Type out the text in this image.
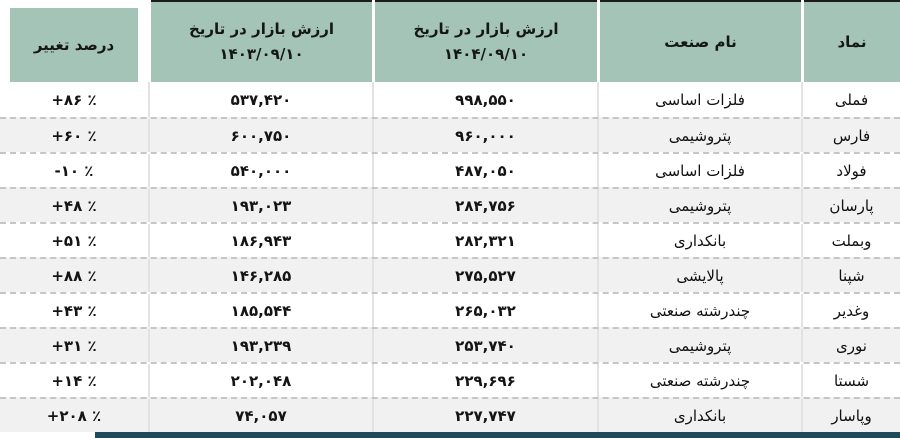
نماد
نام صنعت
ارزش بازار در تاریخ
۱۴۰۴/۰۹/۱۰
ارزش بازار در تاریخ
۱۴۰۳/۰۹/۱۰
درصد تغییر
فملی
فلزات اساسی
۹۹۸,۵۵۰
۵۳۷,۴۲۰
+۸۶ ٪
فارس
پتروشیمی
۹۶۰,۰۰۰
۶۰۰,۷۵۰
+۶۰ ٪
فولاد
فلزات اساسی
۴۸۷,۰۵۰
۵۴۰,۰۰۰
-۱۰ ٪
پارسان
پتروشیمی
۲۸۴,۷۵۶
۱۹۳,۰۲۳
+۴۸ ٪
وبملت
بانکداری
۲۸۲,۳۲۱
۱۸۶,۹۴۳
+۵۱ ٪
شپنا
پالایشی
۲۷۵,۵۲۷
۱۴۶,۲۸۵
+۸۸ ٪
وغدیر
چندرشته صنعتی
۲۶۵,۰۳۲
۱۸۵,۵۴۴
+۴۳ ٪
نوری
پتروشیمی
۲۵۳,۷۴۰
۱۹۳,۲۳۹
+۳۱ ٪
شستا
چندرشته صنعتی
۲۲۹,۶۹۶
۲۰۲,۰۴۸
+۱۴ ٪
وپاسار
بانکداری
۲۲۷,۷۴۷
۷۴,۰۵۷
+۲۰۸ ٪
